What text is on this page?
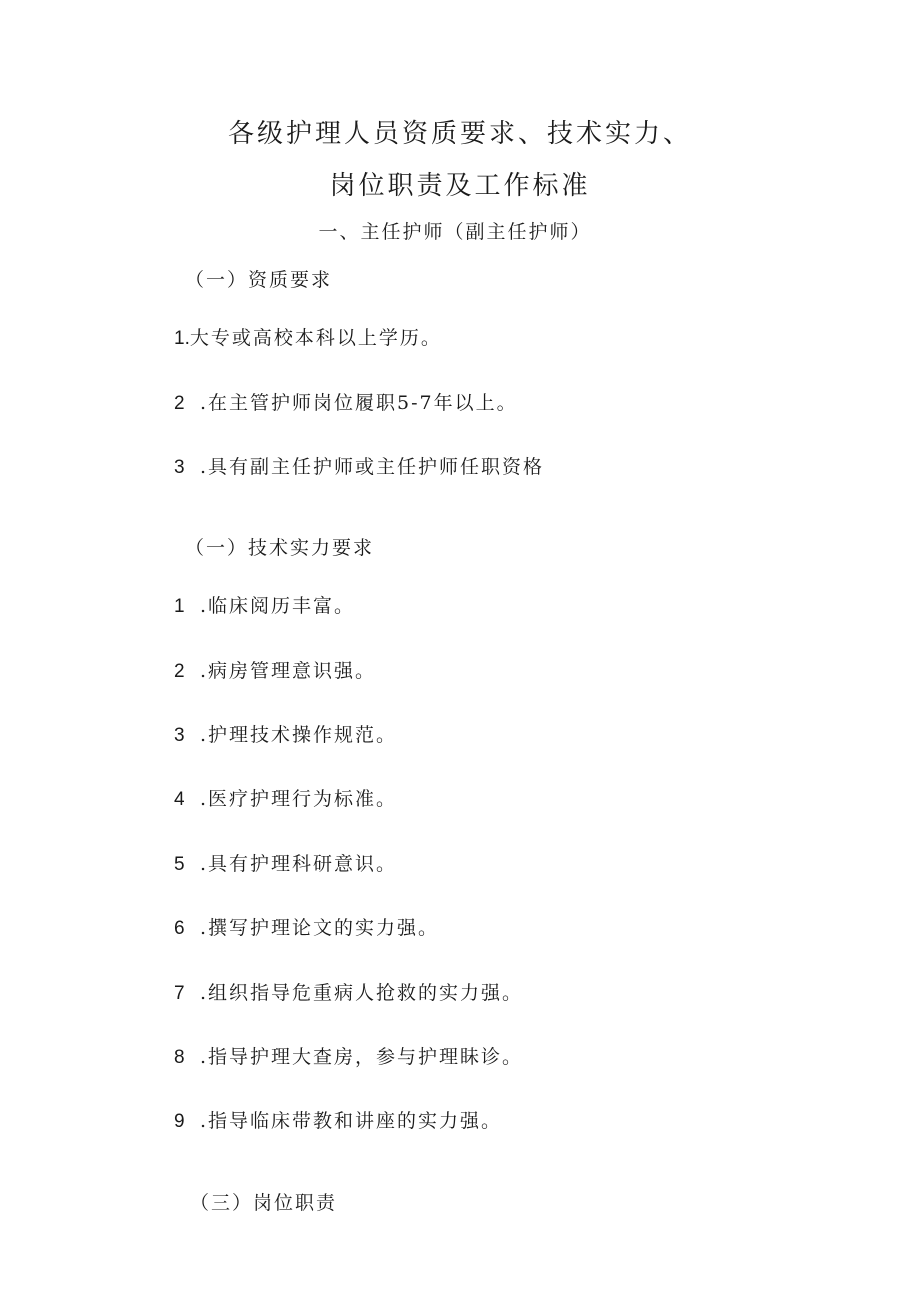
各级护理人员资质要求、技术实力、
岗位职责及工作标准
一、主任护师（副主任护师）
（一）资质要求
1.大专或高校本科以上学历。
2 .在主管护师岗位履职5-7年以上。
3 .具有副主任护师或主任护师任职资格
（一）技术实力要求
1 .临床阅历丰富。
2 .病房管理意识强。
3 .护理技术操作规范。
4 .医疗护理行为标准。
5 .具有护理科研意识。
6 .撰写护理论文的实力强。
7 .组织指导危重病人抢救的实力强。
8 .指导护理大查房，参与护理眛诊。
9 .指导临床带教和讲座的实力强。
（三）岗位职责
